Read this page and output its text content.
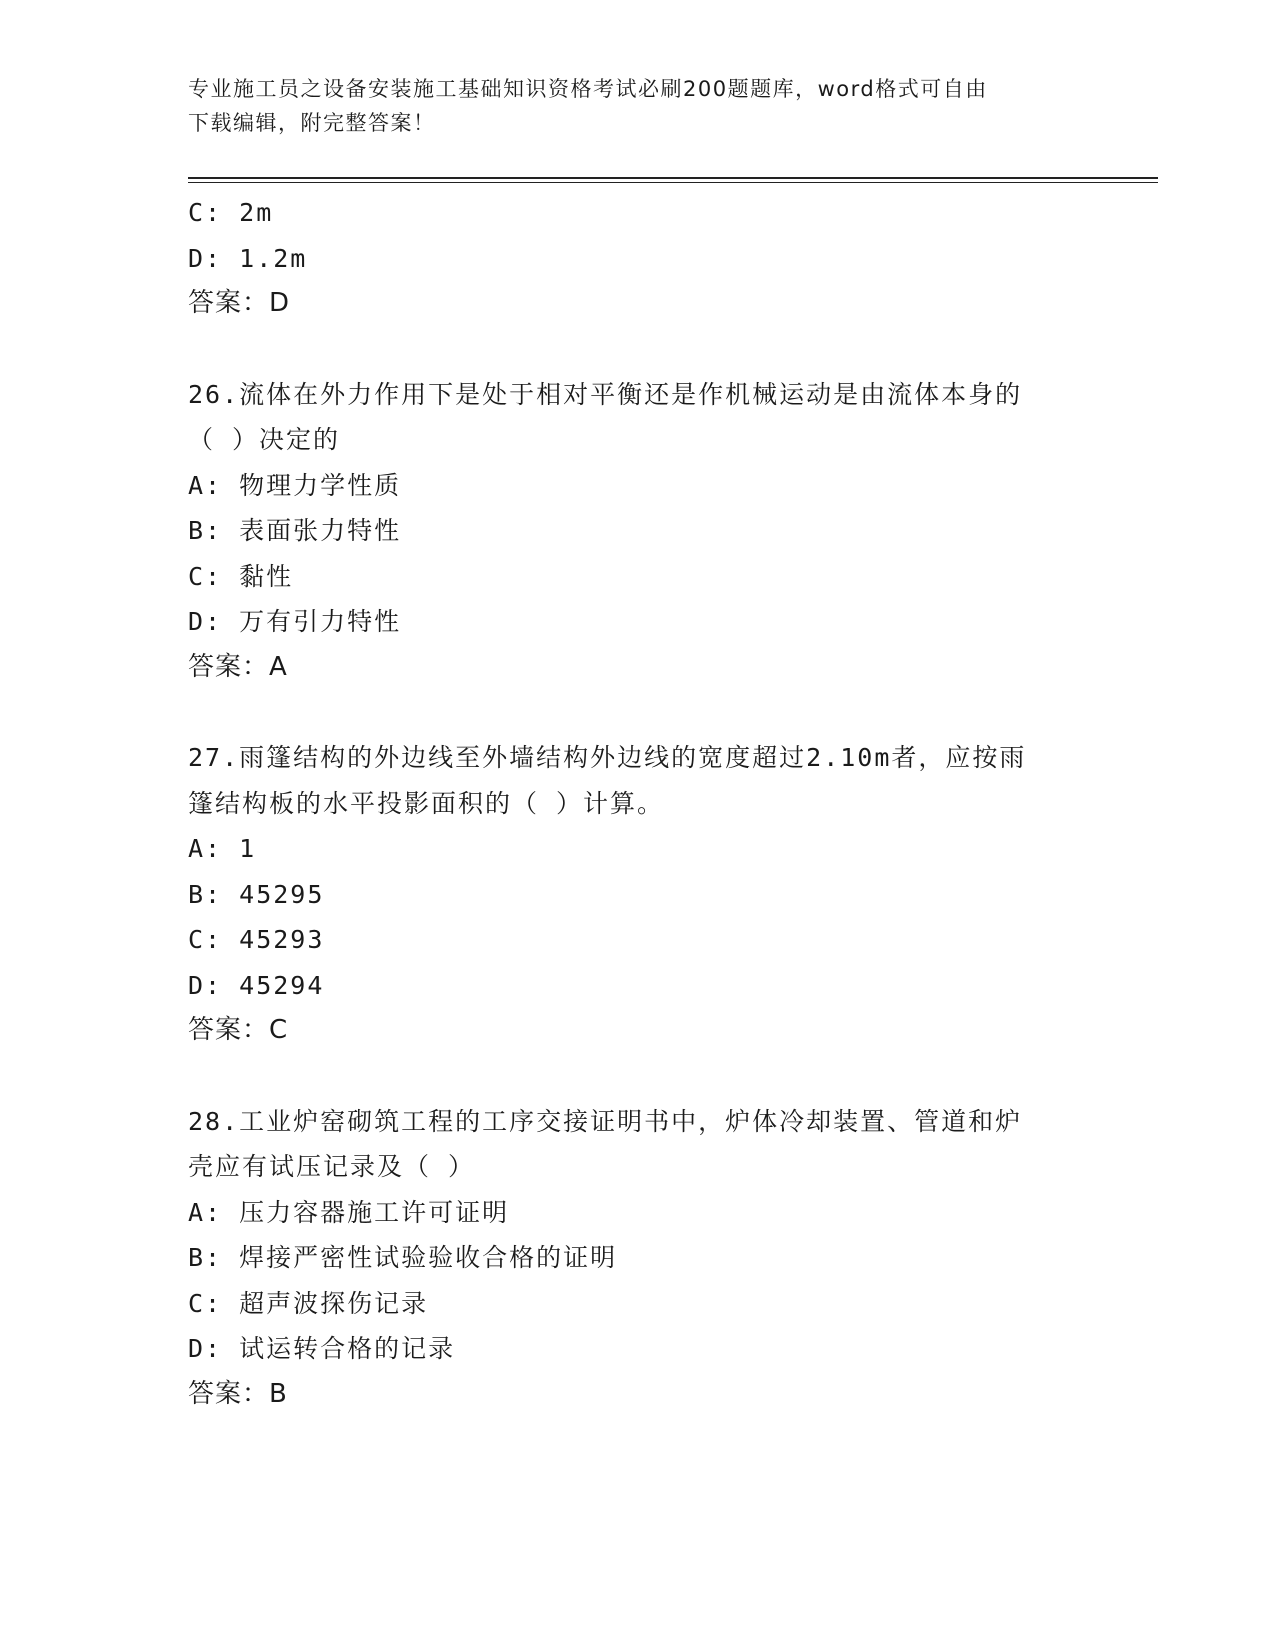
专业施工员之设备安装施工基础知识资格考试必刷200题题库，word格式可自由
下载编辑，附完整答案！
C: 2m
D: 1.2m
答案：D
26.流体在外力作用下是处于相对平衡还是作机械运动是由流体本身的
（ ）决定的
A: 物理力学性质
B: 表面张力特性
C: 黏性
D: 万有引力特性
答案：A
27.雨篷结构的外边线至外墙结构外边线的宽度超过2.10m者，应按雨
篷结构板的水平投影面积的（ ）计算。
A: 1
B: 45295
C: 45293
D: 45294
答案：C
28.工业炉窑砌筑工程的工序交接证明书中，炉体冷却装置、管道和炉
壳应有试压记录及（ ）
A: 压力容器施工许可证明
B: 焊接严密性试验验收合格的证明
C: 超声波探伤记录
D: 试运转合格的记录
答案：B
